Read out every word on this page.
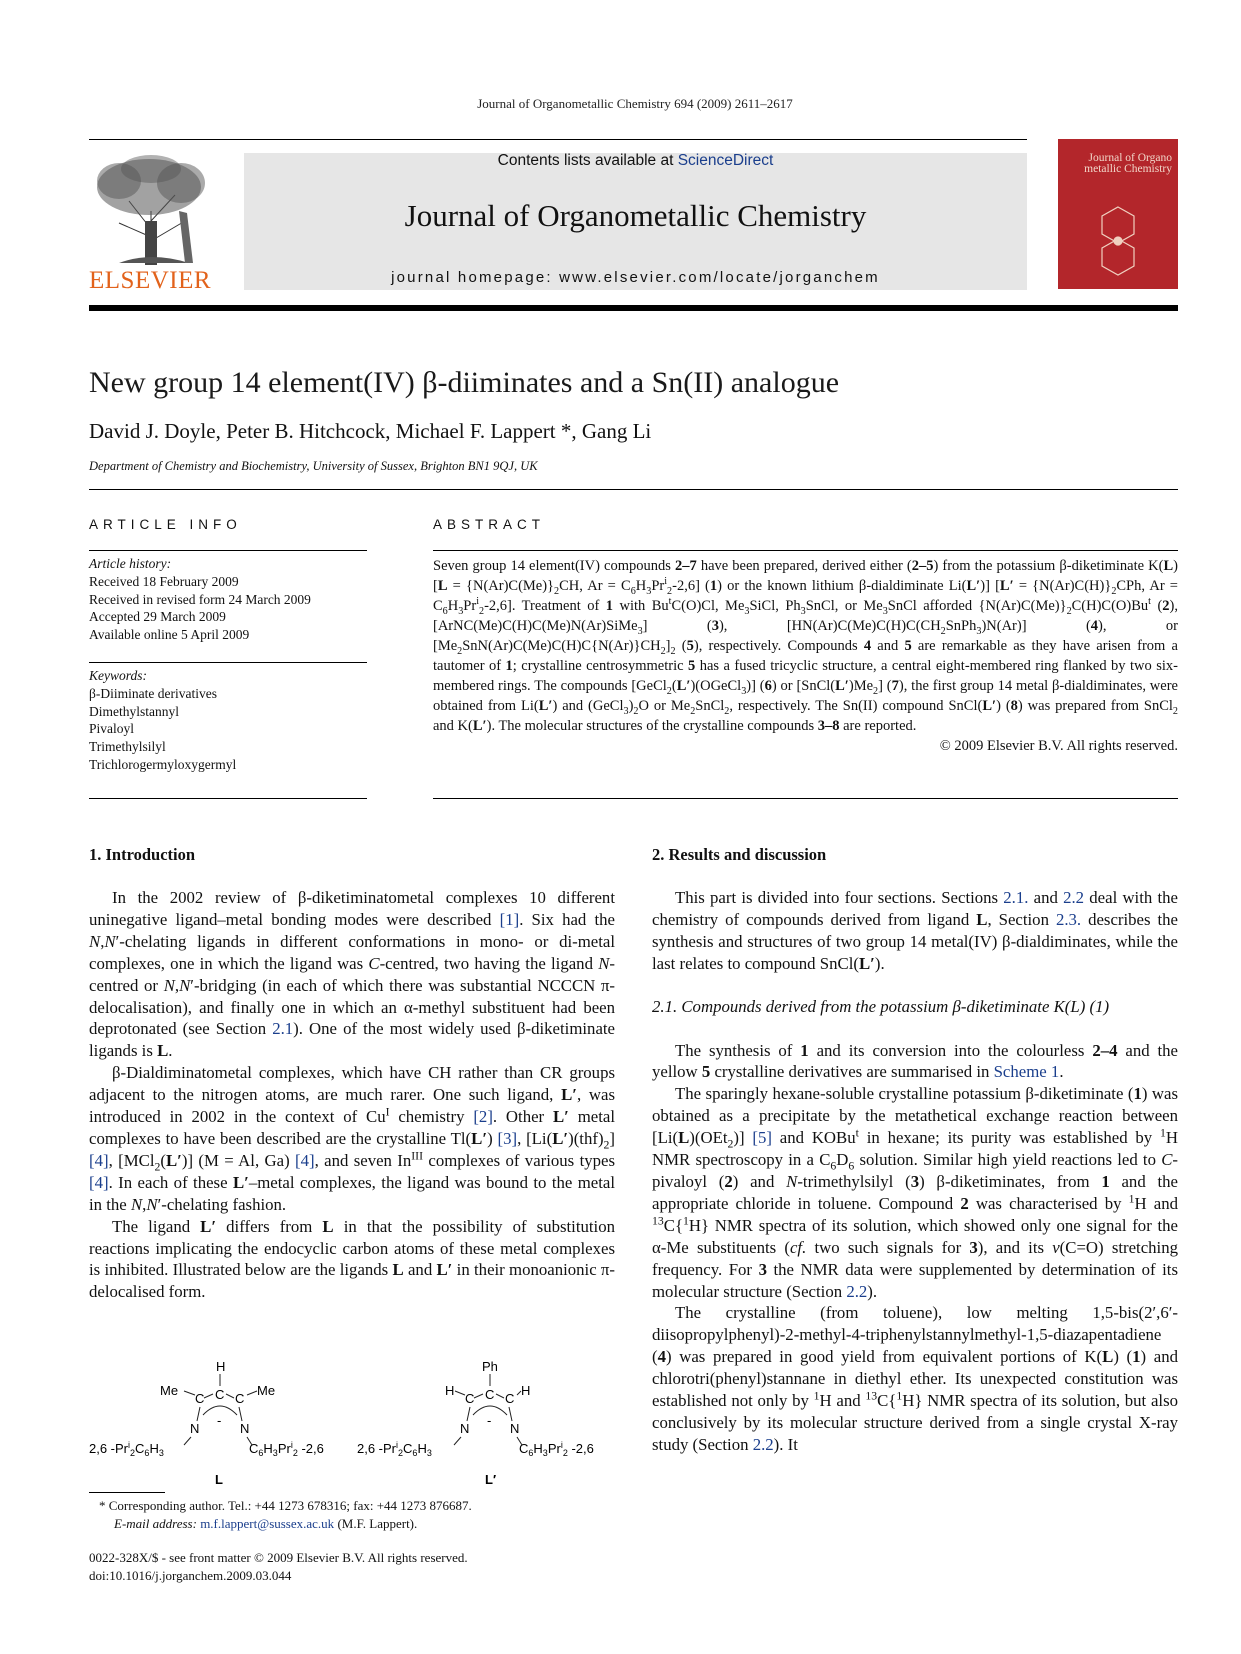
Journal of Organometallic Chemistry 694 (2009) 2611–2617
ELSEVIER
Contents lists available at ScienceDirect
Journal of Organometallic Chemistry
journal homepage: www.elsevier.com/locate/jorganchem
Journal of Organo metallic Chemistry
New group 14 element(IV) β-diiminates and a Sn(II) analogue
David J. Doyle, Peter B. Hitchcock, Michael F. Lappert *, Gang Li
Department of Chemistry and Biochemistry, University of Sussex, Brighton BN1 9QJ, UK
ARTICLE INFO
Article history:
Received 18 February 2009
Received in revised form 24 March 2009
Accepted 29 March 2009
Available online 5 April 2009
Keywords:
β-Diiminate derivatives
Dimethylstannyl
Pivaloyl
Trimethylsilyl
Trichlorogermyloxygermyl
ABSTRACT

Seven group 14 element(IV) compounds 2–7 have been prepared, derived either (2–5) from the potassium β-diketiminate K(L) [$L = \{N(Ar)C(Me)\}_2CH$, $Ar = C_6H_3Pr^i_2-2,6$] (1) or the known lithium β-dialdiminate Li(L′)] [$L' = \{N(Ar)C(H)\}_2CPh$, $Ar = C_6H_3Pr^i_2-2,6$]. Treatment of 1 with Bu$^t$C(O)Cl, $Me_3SiCl$, $Ph_3SnCl$, or $Me_3SnCl$ afforded $\{N(Ar)C(Me)\}_2C(H)C(O)Bu^t$ (2), [ArNC(Me)C(H)C(Me)N(Ar)SiMe$_3$] (3), $[HN(Ar)C(Me)C(H)C(CH_2SnPh_3)N(Ar)]$ (4), or $[Me_2SnN(Ar)C(Me)C(H)C\{N(Ar)\}CH_2]_2$ (5), respectively. Compounds 4 and 5 are remarkable as they have arisen from a tautomer of 1; crystalline centrosymmetric 5 has a fused tricyclic structure, a central eight-membered ring flanked by two six-membered rings. The compounds [GeCl$_2$(L′)(OGeCl$_3$)] (6) or $[SnCl(L')Me_2]$ (7), the first group 14 metal β-dialdiminates, were obtained from Li(L′) and $(GeCl_3)_2O$ or $Me_2SnCl_2$, respectively. The Sn(II) compound SnCl(L′) (8) was prepared from SnCl$_2$ and K(L′). The molecular structures of the crystalline compounds 3–8 are reported.

© 2009 Elsevier B.V. All rights reserved.

1. Introduction

In the 2002 review of β-diketiminatometal complexes 10 different uninegative ligand–metal bonding modes were described [1]. Six had the N,N′-chelating ligands in different conformations in mono- or di-metal complexes, one in which the ligand was C-centred, two having the ligand N-centred or N,N′-bridging (in each of which there was substantial NCCCN π-delocalisation), and finally one in which an α-methyl substituent had been deprotonated (see Section 2.1). One of the most widely used β-diketiminate ligands is L.

β-Dialdiminatometal complexes, which have CH rather than CR groups adjacent to the nitrogen atoms, are much rarer. One such ligand, L′, was introduced in 2002 in the context of $Cu^I$ chemistry [2]. Other L′ metal complexes to have been described are the crystalline Tl(L′) [3], $[Li(L')(thf)_2]$ [4], [MCl$_2$(L′)] (M = Al, Ga) [4], and seven $In^{III}$ complexes of various types [4]. In each of these L′–metal complexes, the ligand was bound to the metal in the N,N′-chelating fashion.

The ligand L′ differs from L in that the possibility of substitution reactions implicating the endocyclic carbon atoms of these metal complexes is inhibited. Illustrated below are the ligands L and L′ in their monoanionic π-delocalised form.

H
C
Me	Me
C C
-
N	N
2,6 $-Pr^i_2C_6H_3$	$C_6H_3Pr^i_2$ -2,6
L
Ph
C
H	H
C C
-
N	N
2,6 $-Pr^i_2C_6H_3$	$C_6H_3Pr^i_2$ -2,6
L′
* Corresponding author. Tel.: +44 1273 678316; fax: +44 1273 876687.
E-mail address: m.f.lappert@sussex.ac.uk (M.F. Lappert).
0022-328X/$ - see front matter © 2009 Elsevier B.V. All rights reserved.
doi:10.1016/j.jorganchem.2009.03.044
2. Results and discussion

This part is divided into four sections. Sections 2.1. and 2.2 deal with the chemistry of compounds derived from ligand L, Section 2.3. describes the synthesis and structures of two group 14 metal(IV) β-dialdiminates, while the last relates to compound SnCl(L′).

2.1. Compounds derived from the potassium β-diketiminate K(L) (1)

The synthesis of 1 and its conversion into the colourless 2–4 and the yellow 5 crystalline derivatives are summarised in Scheme 1.

The sparingly hexane-soluble crystalline potassium β-diketiminate (1) was obtained as a precipitate by the metathetical exchange reaction between [Li(L)(OEt$_2$)] [5] and KOBu$^t$ in hexane; its purity was established by $^1$H NMR spectroscopy in a $C_6D_6$ solution. Similar high yield reactions led to C-pivaloyl (2) and N-trimethylsilyl (3) β-diketiminates, from 1 and the appropriate chloride in toluene. Compound 2 was characterised by $^1$H and $^{13}$C{$^1$H} NMR spectra of its solution, which showed only one signal for the α-Me substituents (cf. two such signals for 3), and its ν(C=O) stretching frequency. For 3 the NMR data were supplemented by determination of its molecular structure (Section 2.2).

The crystalline (from toluene), low melting 1,5-bis(2′,6′-diisopropylphenyl)-2-methyl-4-triphenylstannylmethyl-1,5-diazapentadiene (4) was prepared in good yield from equivalent portions of K(L) (1) and chlorotri(phenyl)stannane in diethyl ether. Its unexpected constitution was established not only by $^1$H and $^{13}$C{$^1$H} NMR spectra of its solution, but also conclusively by its molecular structure derived from a single crystal X-ray study (Section 2.2). It
